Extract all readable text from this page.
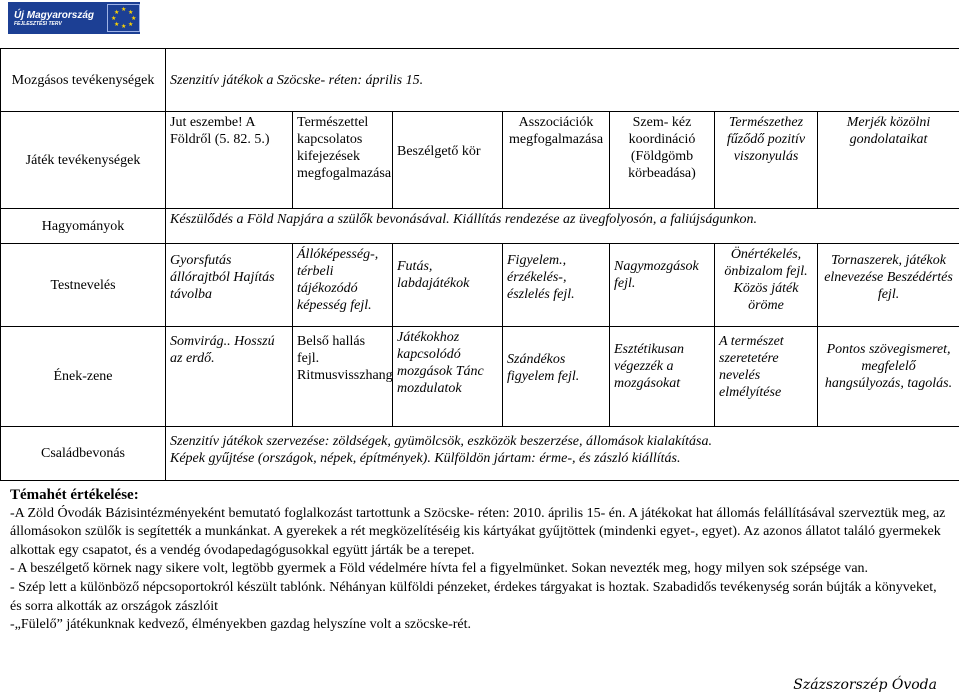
Új Magyarország
FEJLESZTÉSI TERV
★ ★
★
★
★
★
★
★
Mozgásos tevékenységek	Szenzitív játékok a Szöcske- réten: április 15.						

Játék tevékenységek	Jut eszembe! A Földről (5. 82. 5.)	Természettel kapcsolatos kifejezések megfogalmazása	Beszélgető kör	Asszociációk megfogalmazása	Szem- kéz koordináció (Földgömb körbeadása)	Természethez fűződő pozitív viszonyulás	Merjék közölni gondolataikat

Hagyományok	Készülődés a Föld Napjára a szülők bevonásával. Kiállítás rendezése az üvegfolyosón, a faliújságunkon.						

Testnevelés	Gyorsfutás állórajtból Hajítás távolba	Állóképesség-, térbeli tájékozódó képesség fejl.	Futás, labdajátékok	Figyelem., érzékelés-, észlelés fejl.	Nagymozgások fejl.	Önértékelés, önbizalom fejl. Közös játék öröme	Tornaszerek, játékok elnevezése Beszédértés fejl.

Ének-zene	Somvirág.. Hosszú az erdő.	Belső hallás fejl. Ritmusvisszhang	Játékokhoz kapcsolódó mozgások Tánc mozdulatok	Szándékos figyelem fejl.	Esztétikusan végezzék a mozgásokat	A természet szeretetére nevelés elmélyítése	Pontos szövegismeret, megfelelő hangsúlyozás, tagolás.

Családbevonás	Szenzitív játékok szervezése: zöldségek, gyümölcsök, eszközök beszerzése, állomások kialakítása.
Képek gyűjtése (országok, népek, építmények). Külföldön jártam: érme-, és zászló kiállítás.						
Témahét értékelése:

-A Zöld Óvodák Bázisintézményeként bemutató foglalkozást tartottunk a Szöcske- réten: 2010. április 15- én. A játékokat hat állomás felállításával szerveztük meg, az állomásokon szülők is segítették a munkánkat. A gyerekek a rét megközelítéséig kis kártyákat gyűjtöttek (mindenki egyet-, egyet). Az azonos állatot találó gyermekek alkottak egy csapatot, és a vendég óvodapedagógusokkal együtt járták be a terepet.

- A beszélgető körnek nagy sikere volt, legtöbb gyermek a Föld védelmére hívta fel a figyelmünket. Sokan nevezték meg, hogy milyen sok szépsége van.

- Szép lett a különböző népcsoportokról készült tablónk. Néhányan külföldi pénzeket, érdekes tárgyakat is hoztak. Szabadidős tevékenység során bújták a könyveket, és sorra alkották az országok zászlóit

-„Fülelő” játékunknak kedvező, élményekben gazdag helyszíne volt a szöcske-rét.

Százszorszép Óvoda
